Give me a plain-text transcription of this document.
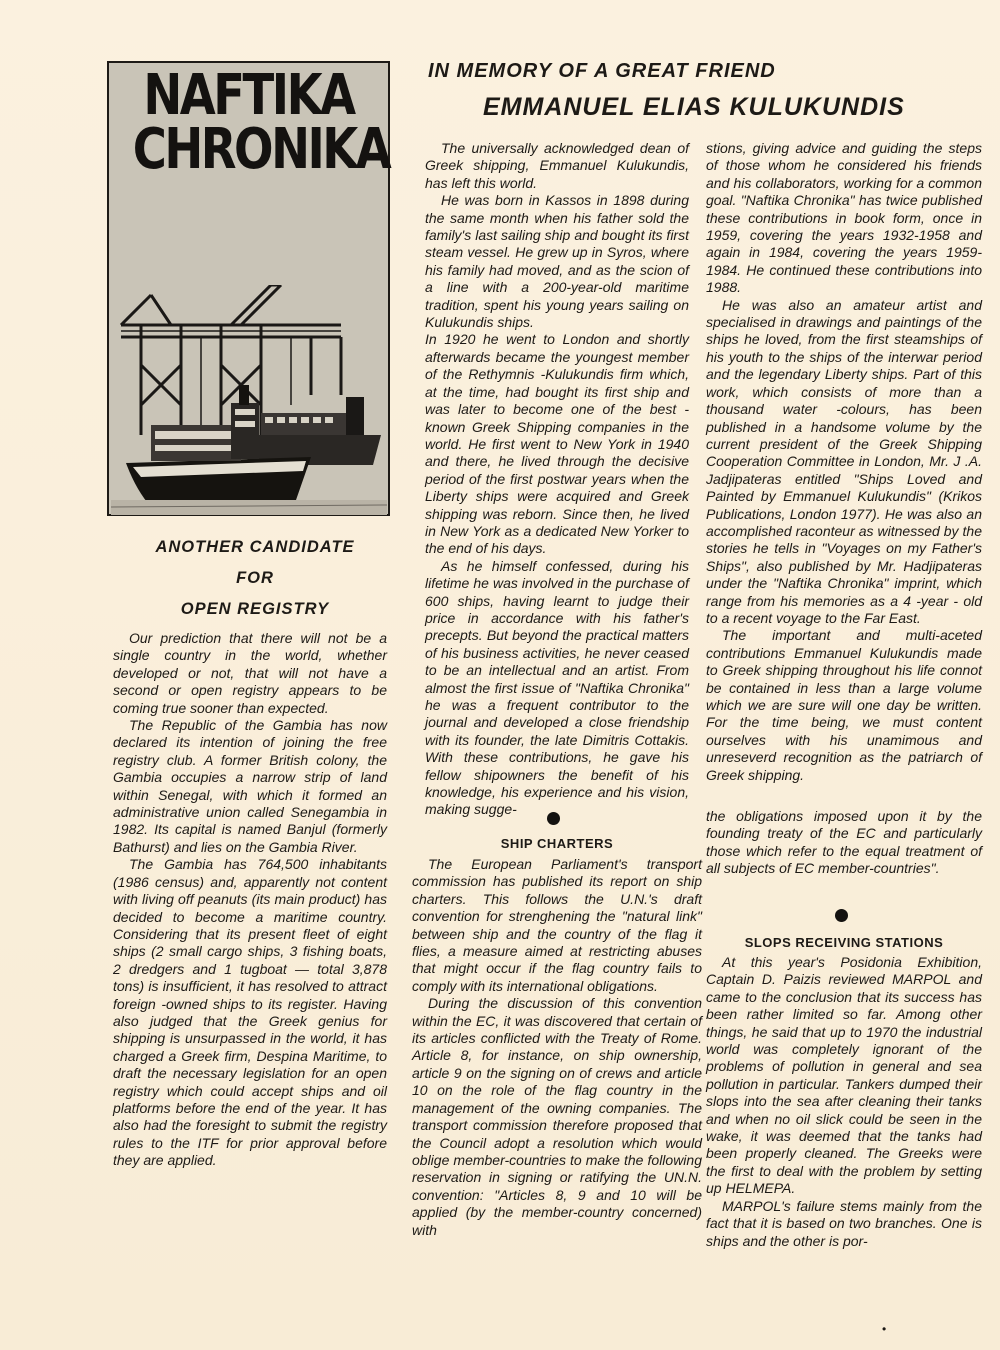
NAFTIKA
CHRONIKA
IN MEMORY OF A GREAT FRIEND
EMMANUEL ELIAS KULUKUNDIS

The universally acknowledged dean of Greek shipping, Emmanuel Kulukundis, has left this world.

He was born in Kassos in 1898 during the same month when his father sold the family's last sailing ship and bought its first steam vessel. He grew up in Syros, where his family had moved, and as the scion of a line with a 200-year-old maritime tradition, spent his young years sailing on Kulukundis ships.

In 1920 he went to London and shortly afterwards became the youngest member of the Rethymnis -Kulukundis firm which, at the time, had bought its first ship and was later to become one of the best -known Greek Shipping companies in the world. He first went to New York in 1940 and there, he lived through the decisive period of the first postwar years when the Liberty ships were acquired and Greek shipping was reborn. Since then, he lived in New York as a dedicated New Yorker to the end of his days.

As he himself confessed, during his lifetime he was involved in the purchase of 600 ships, having learnt to judge their price in accordance with his father's precepts. But beyond the practical matters of his business activities, he never ceased to be an intellectual and an artist. From almost the first issue of "Naftika Chronika" he was a frequent contributor to the journal and developed a close friendship with its founder, the late Dimitris Cottakis. With these contributions, he gave his fellow shipowners the benefit of his knowledge, his experience and his vision, making sugge-

stions, giving advice and guiding the steps of those whom he considered his friends and his collaborators, working for a common goal. "Naftika Chronika" has twice published these contributions in book form, once in 1959, covering the years 1932-1958 and again in 1984, covering the years 1959-1984. He continued these contributions into 1988.

He was also an amateur artist and specialised in drawings and paintings of the ships he loved, from the first steamships of his youth to the ships of the interwar period and the legendary Liberty ships. Part of this work, which consists of more than a thousand water -colours, has been published in a handsome volume by the current president of the Greek Shipping Cooperation Committee in London, Mr. J .A. Jadjipateras entitled "Ships Loved and Painted by Emmanuel Kulukundis" (Krikos Publications, London 1977). He was also an accomplished raconteur as witnessed by the stories he tells in "Voyages on my Father's Ships", also published by Mr. Hadjipateras under the "Naftika Chronika" imprint, which range from his memories as a 4 -year - old to a recent voyage to the Far East.

The important and multi-aceted contributions Emmanuel Kulukundis made to Greek shipping throughout his life connot be contained in less than a large volume which we are sure will one day be written. For the time being, we must content ourselves with his unamimous and unreseverd recognition as the patriarch of Greek shipping.

ANOTHER CANDIDATE
FOR
OPEN REGISTRY

Our prediction that there will not be a single country in the world, whether developed or not, that will not have a second or open registry appears to be coming true sooner than expected.

The Republic of the Gambia has now declared its intention of joining the free registry club. A former British colony, the Gambia occupies a narrow strip of land within Senegal, with which it formed an administrative union called Senegambia in 1982. Its capital is named Banjul (formerly Bathurst) and lies on the Gambia River.

The Gambia has 764,500 inhabitants (1986 census) and, apparently not content with living off peanuts (its main product) has decided to become a maritime country. Considering that its present fleet of eight ships (2 small cargo ships, 3 fishing boats, 2 dredgers and 1 tugboat — total 3,878 tons) is insufficient, it has resolved to attract foreign -owned ships to its register. Having also judged that the Greek genius for shipping is unsurpassed in the world, it has charged a Greek firm, Despina Maritime, to draft the necessary legislation for an open registry which could accept ships and oil platforms before the end of the year. It has also had the foresight to submit the registry rules to the ITF for prior approval before they are applied.

SHIP CHARTERS

The European Parliament's transport commission has published its report on ship charters. This follows the U.N.'s draft convention for strenghening the "natural link" between ship and the country of the flag it flies, a measure aimed at restricting abuses that might occur if the flag country fails to comply with its international obligations.

During the discussion of this convention within the EC, it was discovered that certain of its articles conflicted with the Treaty of Rome. Article 8, for instance, on ship ownership, article 9 on the signing on of crews and article 10 on the role of the flag country in the management of the owning companies. The transport commission therefore proposed that the Council adopt a resolution which would oblige member-countries to make the following reservation in signing or ratifying the UN.N. convention: "Articles 8, 9 and 10 will be applied (by the member-country concerned) with

the obligations imposed upon it by the founding treaty of the EC and particularly those which refer to the equal treatment of all subjects of EC member-countries".

SLOPS RECEIVING STATIONS

At this year's Posidonia Exhibition, Captain D. Paizis reviewed MARPOL and came to the conclusion that its success has been rather limited so far. Among other things, he said that up to 1970 the industrial world was completely ignorant of the problems of pollution in general and sea pollution in particular. Tankers dumped their slops into the sea after cleaning their tanks and when no oil slick could be seen in the wake, it was deemed that the tanks had been properly cleaned. The Greeks were the first to deal with the problem by setting up HELMEPA.

MARPOL's failure stems mainly from the fact that it is based on two branches. One is ships and the other is por-

•
